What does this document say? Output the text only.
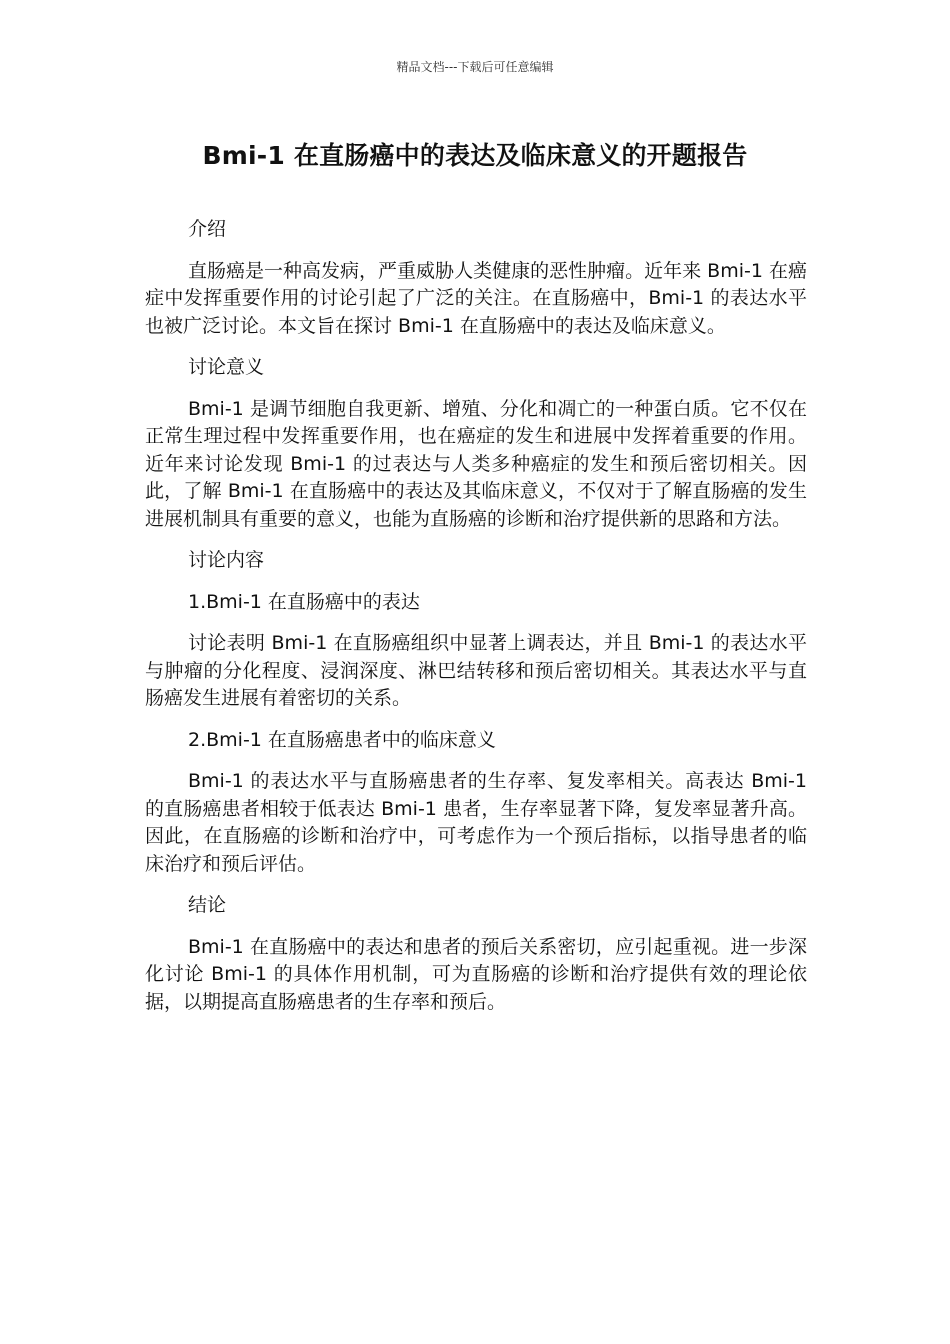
精品文档---下载后可任意编辑

Bmi-1 在直肠癌中的表达及临床意义的开题报告

介绍

直肠癌是一种高发病，严重威胁人类健康的恶性肿瘤。近年来 Bmi-1 在癌症中发挥重要作用的讨论引起了广泛的关注。在直肠癌中，Bmi-1 的表达水平也被广泛讨论。本文旨在探讨 Bmi-1 在直肠癌中的表达及临床意义。

讨论意义

Bmi-1 是调节细胞自我更新、增殖、分化和凋亡的一种蛋白质。它不仅在正常生理过程中发挥重要作用，也在癌症的发生和进展中发挥着重要的作用。近年来讨论发现 Bmi-1 的过表达与人类多种癌症的发生和预后密切相关。因此，了解 Bmi-1 在直肠癌中的表达及其临床意义，不仅对于了解直肠癌的发生进展机制具有重要的意义，也能为直肠癌的诊断和治疗提供新的思路和方法。

讨论内容

1.Bmi-1 在直肠癌中的表达

讨论表明 Bmi-1 在直肠癌组织中显著上调表达，并且 Bmi-1 的表达水平与肿瘤的分化程度、浸润深度、淋巴结转移和预后密切相关。其表达水平与直肠癌发生进展有着密切的关系。

2.Bmi-1 在直肠癌患者中的临床意义

Bmi-1 的表达水平与直肠癌患者的生存率、复发率相关。高表达 Bmi-1 的直肠癌患者相较于低表达 Bmi-1 患者，生存率显著下降，复发率显著升高。因此，在直肠癌的诊断和治疗中，可考虑作为一个预后指标，以指导患者的临床治疗和预后评估。

结论

Bmi-1 在直肠癌中的表达和患者的预后关系密切，应引起重视。进一步深化讨论 Bmi-1 的具体作用机制，可为直肠癌的诊断和治疗提供有效的理论依据，以期提高直肠癌患者的生存率和预后。
